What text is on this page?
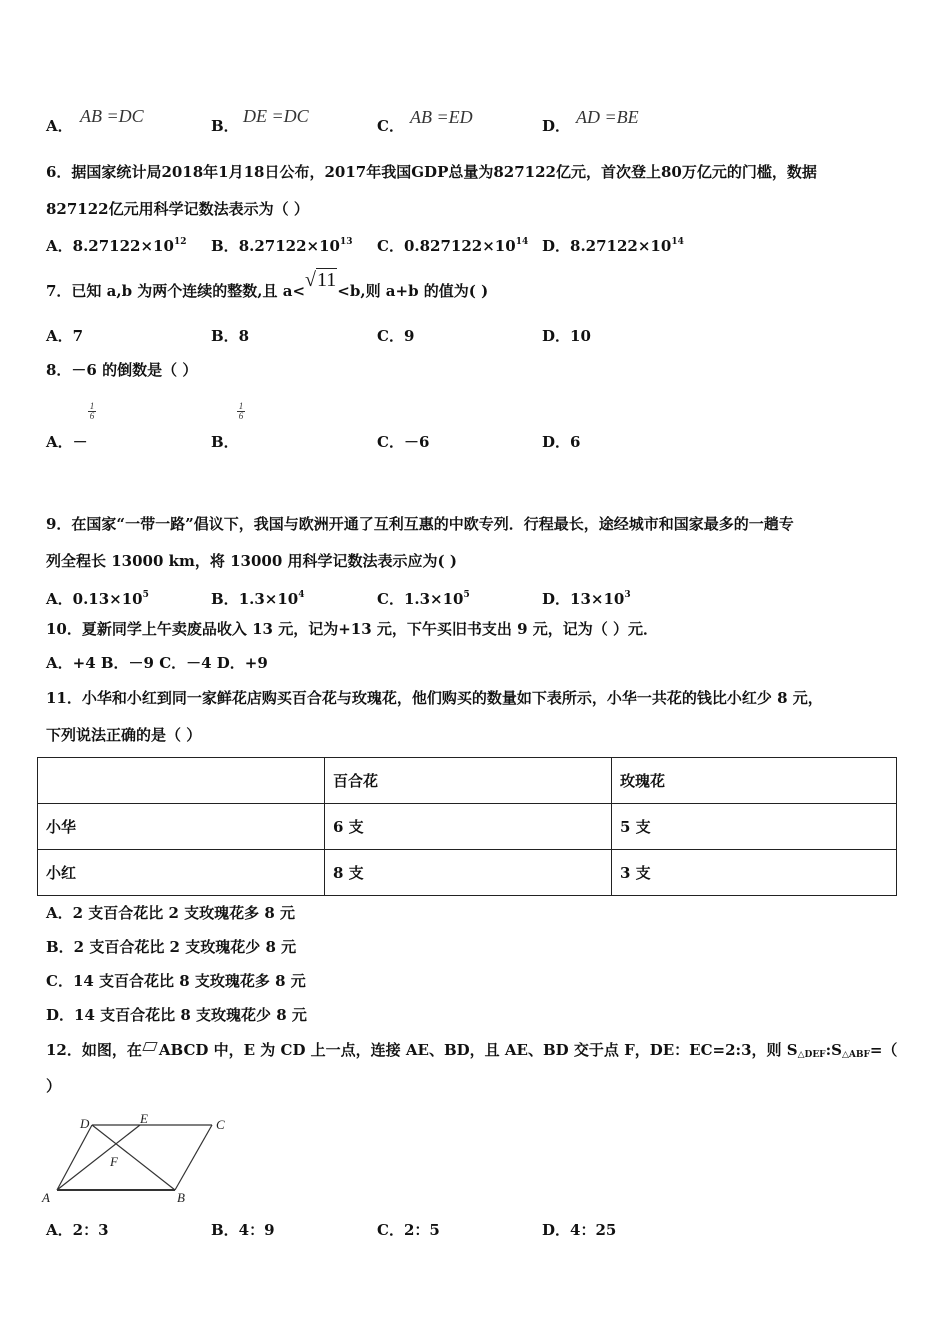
A． AB =DC	B． DE =DC	C． AB =ED	D． AD =BE
6．据国家统计局2018年1月18日公布，2017年我国GDP总量为827122亿元，首次登上80万亿元的门槛，数据
827122亿元用科学记数法表示为（ ）
A．$8.27122\times 10^{12}$ B．$8.27122\times 10^{13}$ C．$0.827122\times 10^{14}$ D．$8.27122\times 10^{14}$
7．已知 a,b 为两个连续的整数,且 a<√11<b,则 a+b 的值为( )
A．7	B．8	C．9	D．10
8．－6 的倒数是（ ）
$\frac{1}{6}$	$\frac{1}{6}$
A．－	B．	C．－6	D．6
9．在国家“一带一路”倡议下，我国与欧洲开通了互利互惠的中欧专列．行程最长，途经城市和国家最多的一趟专
列全程长 13000 km，将 13000 用科学记数法表示应为( )
A．$0.13\times 10^5$	B．$1.3\times 10^4$	C．$1.3\times 10^5$	D．$13\times 10^3$
10．夏新同学上午卖废品收入 13 元，记为+13 元，下午买旧书支出 9 元，记为（ ）元．
A．+4 B．－9 C．－4 D．+9
11．小华和小红到同一家鲜花店购买百合花与玫瑰花，他们购买的数量如下表所示，小华一共花的钱比小红少 8 元，
下列说法正确的是（ ）
	百合花	玫瑰花
小华	6 支	5 支
小红	8 支	3 支
A．2 支百合花比 2 支玫瑰花多 8 元
B．2 支百合花比 2 支玫瑰花少 8 元
C．14 支百合花比 8 支玫瑰花多 8 元
D．14 支百合花比 8 支玫瑰花少 8 元
12．如图，在 ABCD 中，E 为 CD 上一点，连接 AE、BD，且 AE、BD 交于点 F，DE：EC=2:3，则 $S_{\triangle DEF}:S_{\triangle ABF}=$（
）
A	B
C
D	E
F
A．2：3	B．4：9	C．2：5	D．4：25
